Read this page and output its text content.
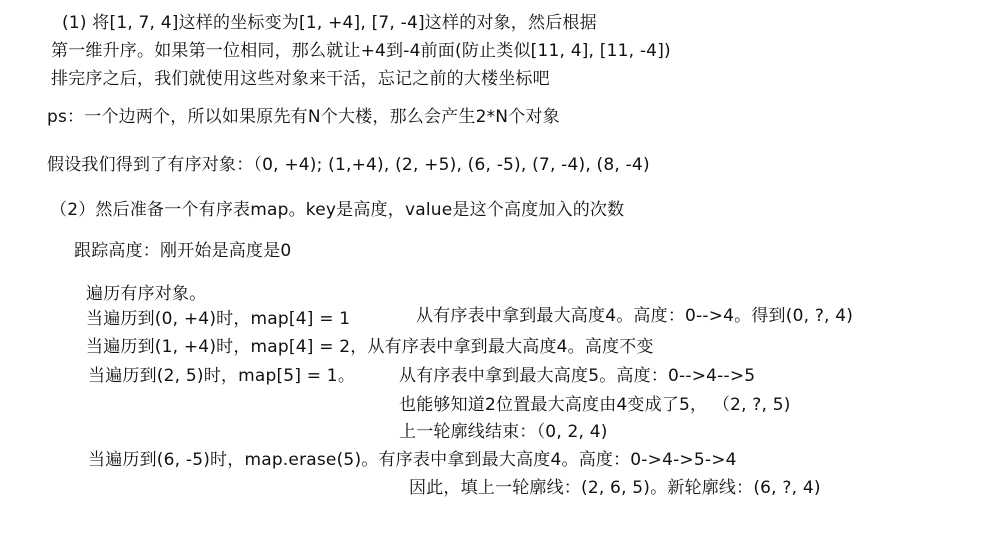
(1) 将[1, 7, 4]这样的坐标变为[1, +4], [7, -4]这样的对象，然后根据
第一维升序。如果第一位相同，那么就让+4到-4前面(防止类似[11, 4], [11, -4])
排完序之后，我们就使用这些对象来干活，忘记之前的大楼坐标吧
ps：一个边两个，所以如果原先有N个大楼，那么会产生2*N个对象
假设我们得到了有序对象：（0, +4); (1,+4), (2, +5), (6, -5), (7, -4), (8, -4)
（2）然后准备一个有序表map。key是高度，value是这个高度加入的次数
跟踪高度：刚开始是高度是0
遍历有序对象。
当遍历到(0, +4)时，map[4] = 1	从有序表中拿到最大高度4。高度：0-->4。得到(0, ?, 4)
当遍历到(1, +4)时，map[4] = 2，从有序表中拿到最大高度4。高度不变
当遍历到(2, 5)时，map[5] = 1。	从有序表中拿到最大高度5。高度：0-->4-->5
也能够知道2位置最大高度由4变成了5， （2, ?, 5)
上一轮廓线结束：（0, 2, 4)
当遍历到(6, -5)时，map.erase(5)。有序表中拿到最大高度4。高度：0->4->5->4
因此，填上一轮廓线：(2, 6, 5)。新轮廓线：(6, ?, 4)
